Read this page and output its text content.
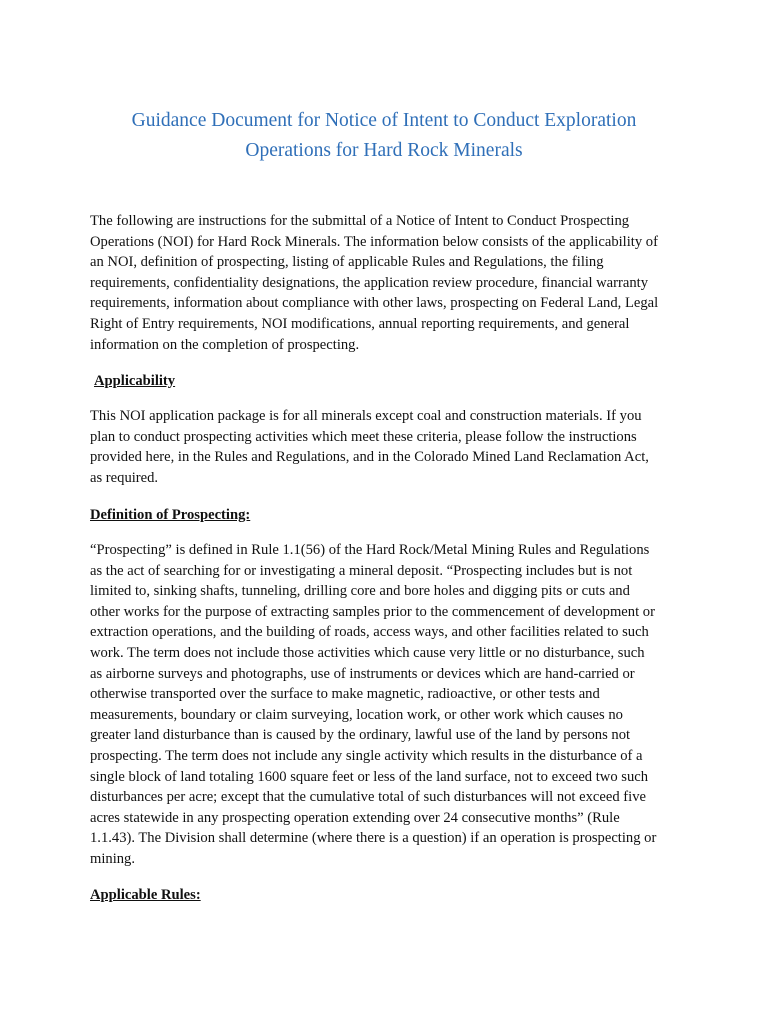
Guidance Document for Notice of Intent to Conduct Exploration
Operations for Hard Rock Minerals

The following are instructions for the submittal of a Notice of Intent to Conduct Prospecting
Operations (NOI) for Hard Rock Minerals. The information below consists of the applicability of
an NOI, definition of prospecting, listing of applicable Rules and Regulations, the filing
requirements, confidentiality designations, the application review procedure, financial warranty
requirements, information about compliance with other laws, prospecting on Federal Land, Legal
Right of Entry requirements, NOI modifications, annual reporting requirements, and general
information on the completion of prospecting.

Applicability

This NOI application package is for all minerals except coal and construction materials. If you
plan to conduct prospecting activities which meet these criteria, please follow the instructions
provided here, in the Rules and Regulations, and in the Colorado Mined Land Reclamation Act,
as required.

Definition of Prospecting:

“Prospecting” is defined in Rule 1.1(56) of the Hard Rock/Metal Mining Rules and Regulations
as the act of searching for or investigating a mineral deposit. “Prospecting includes but is not
limited to, sinking shafts, tunneling, drilling core and bore holes and digging pits or cuts and
other works for the purpose of extracting samples prior to the commencement of development or
extraction operations, and the building of roads, access ways, and other facilities related to such
work. The term does not include those activities which cause very little or no disturbance, such
as airborne surveys and photographs, use of instruments or devices which are hand-carried or
otherwise transported over the surface to make magnetic, radioactive, or other tests and
measurements, boundary or claim surveying, location work, or other work which causes no
greater land disturbance than is caused by the ordinary, lawful use of the land by persons not
prospecting. The term does not include any single activity which results in the disturbance of a
single block of land totaling 1600 square feet or less of the land surface, not to exceed two such
disturbances per acre; except that the cumulative total of such disturbances will not exceed five
acres statewide in any prospecting operation extending over 24 consecutive months” (Rule
1.1.43). The Division shall determine (where there is a question) if an operation is prospecting or
mining.

Applicable Rules:
